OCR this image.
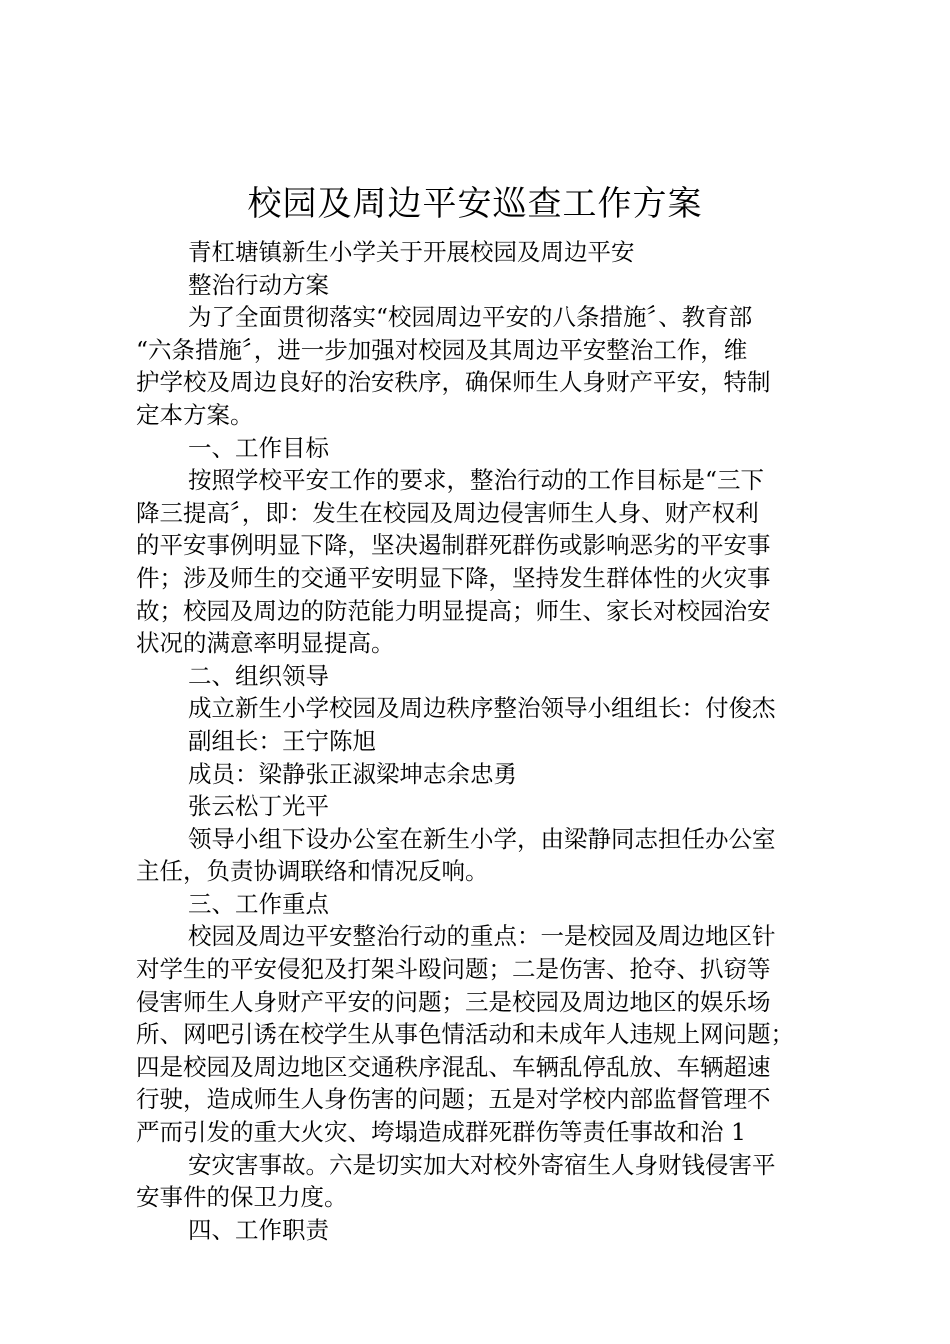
校园及周边平安巡查工作方案
青杠塘镇新生小学关于开展校园及周边平安
整治行动方案
为了全面贯彻落实“校园周边平安的八条措施〞、教育部
“六条措施〞，进一步加强对校园及其周边平安整治工作，维
护学校及周边良好的治安秩序，确保师生人身财产平安，特制
定本方案。
一、工作目标
按照学校平安工作的要求，整治行动的工作目标是“三下
降三提高〞，即：发生在校园及周边侵害师生人身、财产权利
的平安事例明显下降，坚决遏制群死群伤或影响恶劣的平安事
件；涉及师生的交通平安明显下降，坚持发生群体性的火灾事
故；校园及周边的防范能力明显提高；师生、家长对校园治安
状况的满意率明显提高。
二、组织领导
成立新生小学校园及周边秩序整治领导小组组长：付俊杰
副组长：王宁陈旭
成员：梁静张正淑梁坤志余忠勇
张云松丁光平
领导小组下设办公室在新生小学，由梁静同志担任办公室
主任，负责协调联络和情况反响。
三、工作重点
校园及周边平安整治行动的重点：一是校园及周边地区针
对学生的平安侵犯及打架斗殴问题；二是伤害、抢夺、扒窃等
侵害师生人身财产平安的问题；三是校园及周边地区的娱乐场
所、网吧引诱在校学生从事色情活动和未成年人违规上网问题；
四是校园及周边地区交通秩序混乱、车辆乱停乱放、车辆超速
行驶，造成师生人身伤害的问题；五是对学校内部监督管理不
严而引发的重大火灾、垮塌造成群死群伤等责任事故和治 1
安灾害事故。六是切实加大对校外寄宿生人身财钱侵害平
安事件的保卫力度。
四、工作职责
